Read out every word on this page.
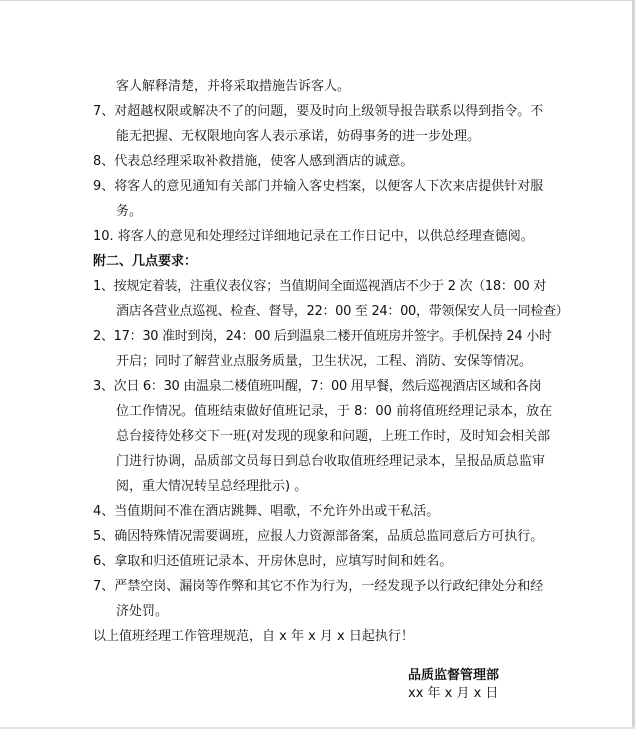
客人解释清楚，并将采取措施告诉客人。
7、对超越权限或解决不了的问题，要及时向上级领导报告联系以得到指令。不
能无把握、无权限地向客人表示承诺，妨碍事务的进一步处理。
8、代表总经理采取补救措施，使客人感到酒店的诚意。
9、将客人的意见通知有关部门并输入客史档案，以便客人下次来店提供针对服
务。
10. 将客人的意见和处理经过详细地记录在工作日记中，以供总经理查德阅。
附二、几点要求：
1、按规定着装，注重仪表仪容；当值期间全面巡视酒店不少于 2 次（18：00 对
酒店各营业点巡视、检查、督导，22：00 至 24：00，带领保安人员一同检查）
2、17：30 准时到岗，24：00 后到温泉二楼开值班房并签字。手机保持 24 小时
开启；同时了解营业点服务质量，卫生状况，工程、消防、安保等情况。
3、次日 6：30 由温泉二楼值班叫醒，7：00 用早餐，然后巡视酒店区域和各岗
位工作情况。值班结束做好值班记录，于 8：00 前将值班经理记录本，放在
总台接待处移交下一班(对发现的现象和问题，上班工作时，及时知会相关部
门进行协调，品质部文员每日到总台收取值班经理记录本，呈报品质总监审
阅，重大情况转呈总经理批示) 。
4、当值期间不准在酒店跳舞、唱歌，不允许外出或干私活。
5、确因特殊情况需要调班，应报人力资源部备案，品质总监同意后方可执行。
6、拿取和归还值班记录本、开房休息时，应填写时间和姓名。
7、严禁空岗、漏岗等作弊和其它不作为行为，一经发现予以行政纪律处分和经
济处罚。
以上值班经理工作管理规范，自 x 年 x 月 x 日起执行！
品质监督管理部
xx 年 x 月 x 日
